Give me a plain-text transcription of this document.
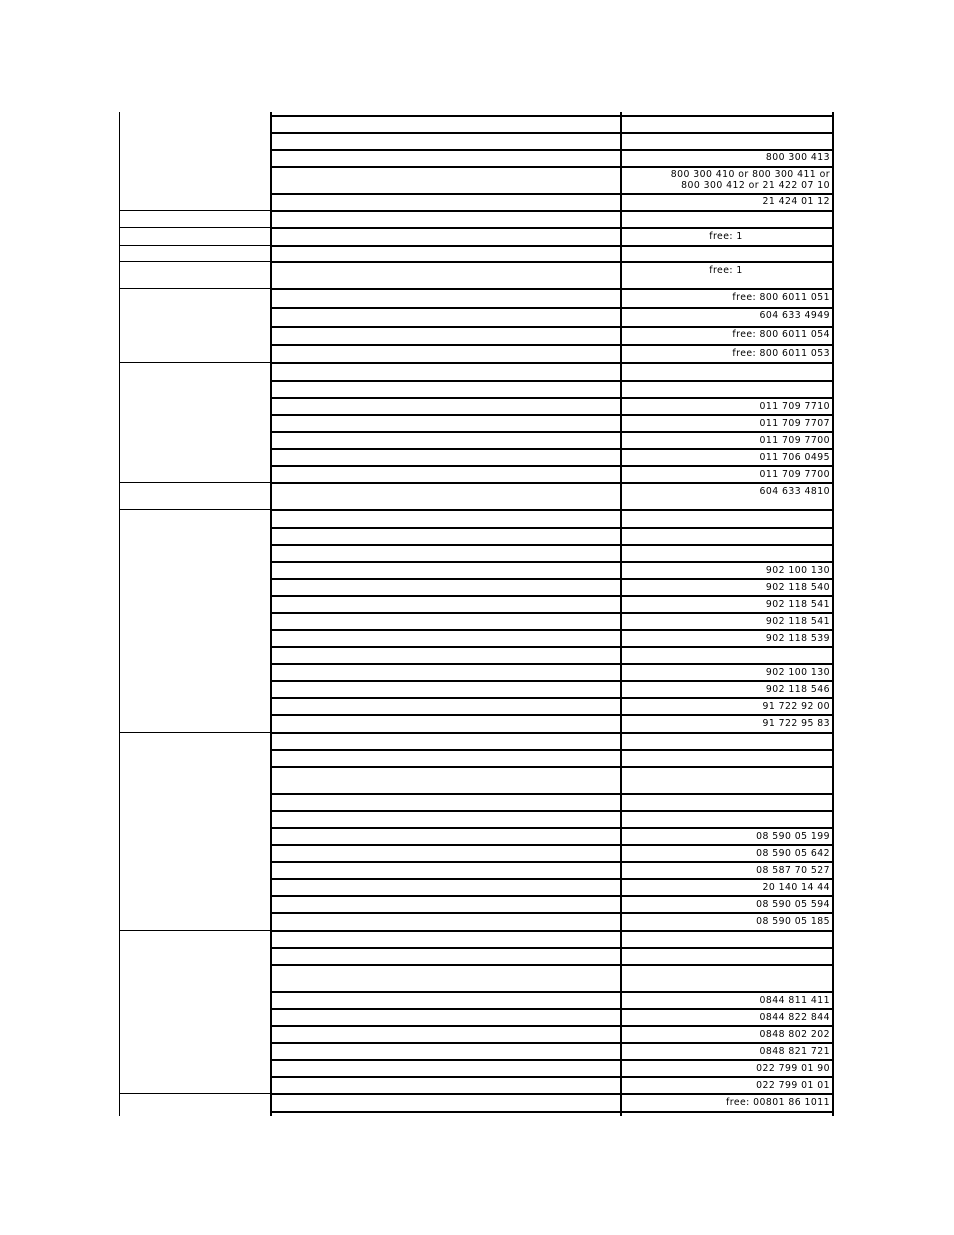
800 300 413
800 300 410 or 800 300 411 or
800 300 412 or 21 422 07 10
21 424 01 12
free: 1
free: 1
free: 800 6011 051
604 633 4949
free: 800 6011 054
free: 800 6011 053
011 709 7710
011 709 7707
011 709 7700
011 706 0495
011 709 7700
604 633 4810
902 100 130
902 118 540
902 118 541
902 118 541
902 118 539
902 100 130
902 118 546
91 722 92 00
91 722 95 83
08 590 05 199
08 590 05 642
08 587 70 527
20 140 14 44
08 590 05 594
08 590 05 185
0844 811 411
0844 822 844
0848 802 202
0848 821 721
022 799 01 90
022 799 01 01
free: 00801 86 1011
